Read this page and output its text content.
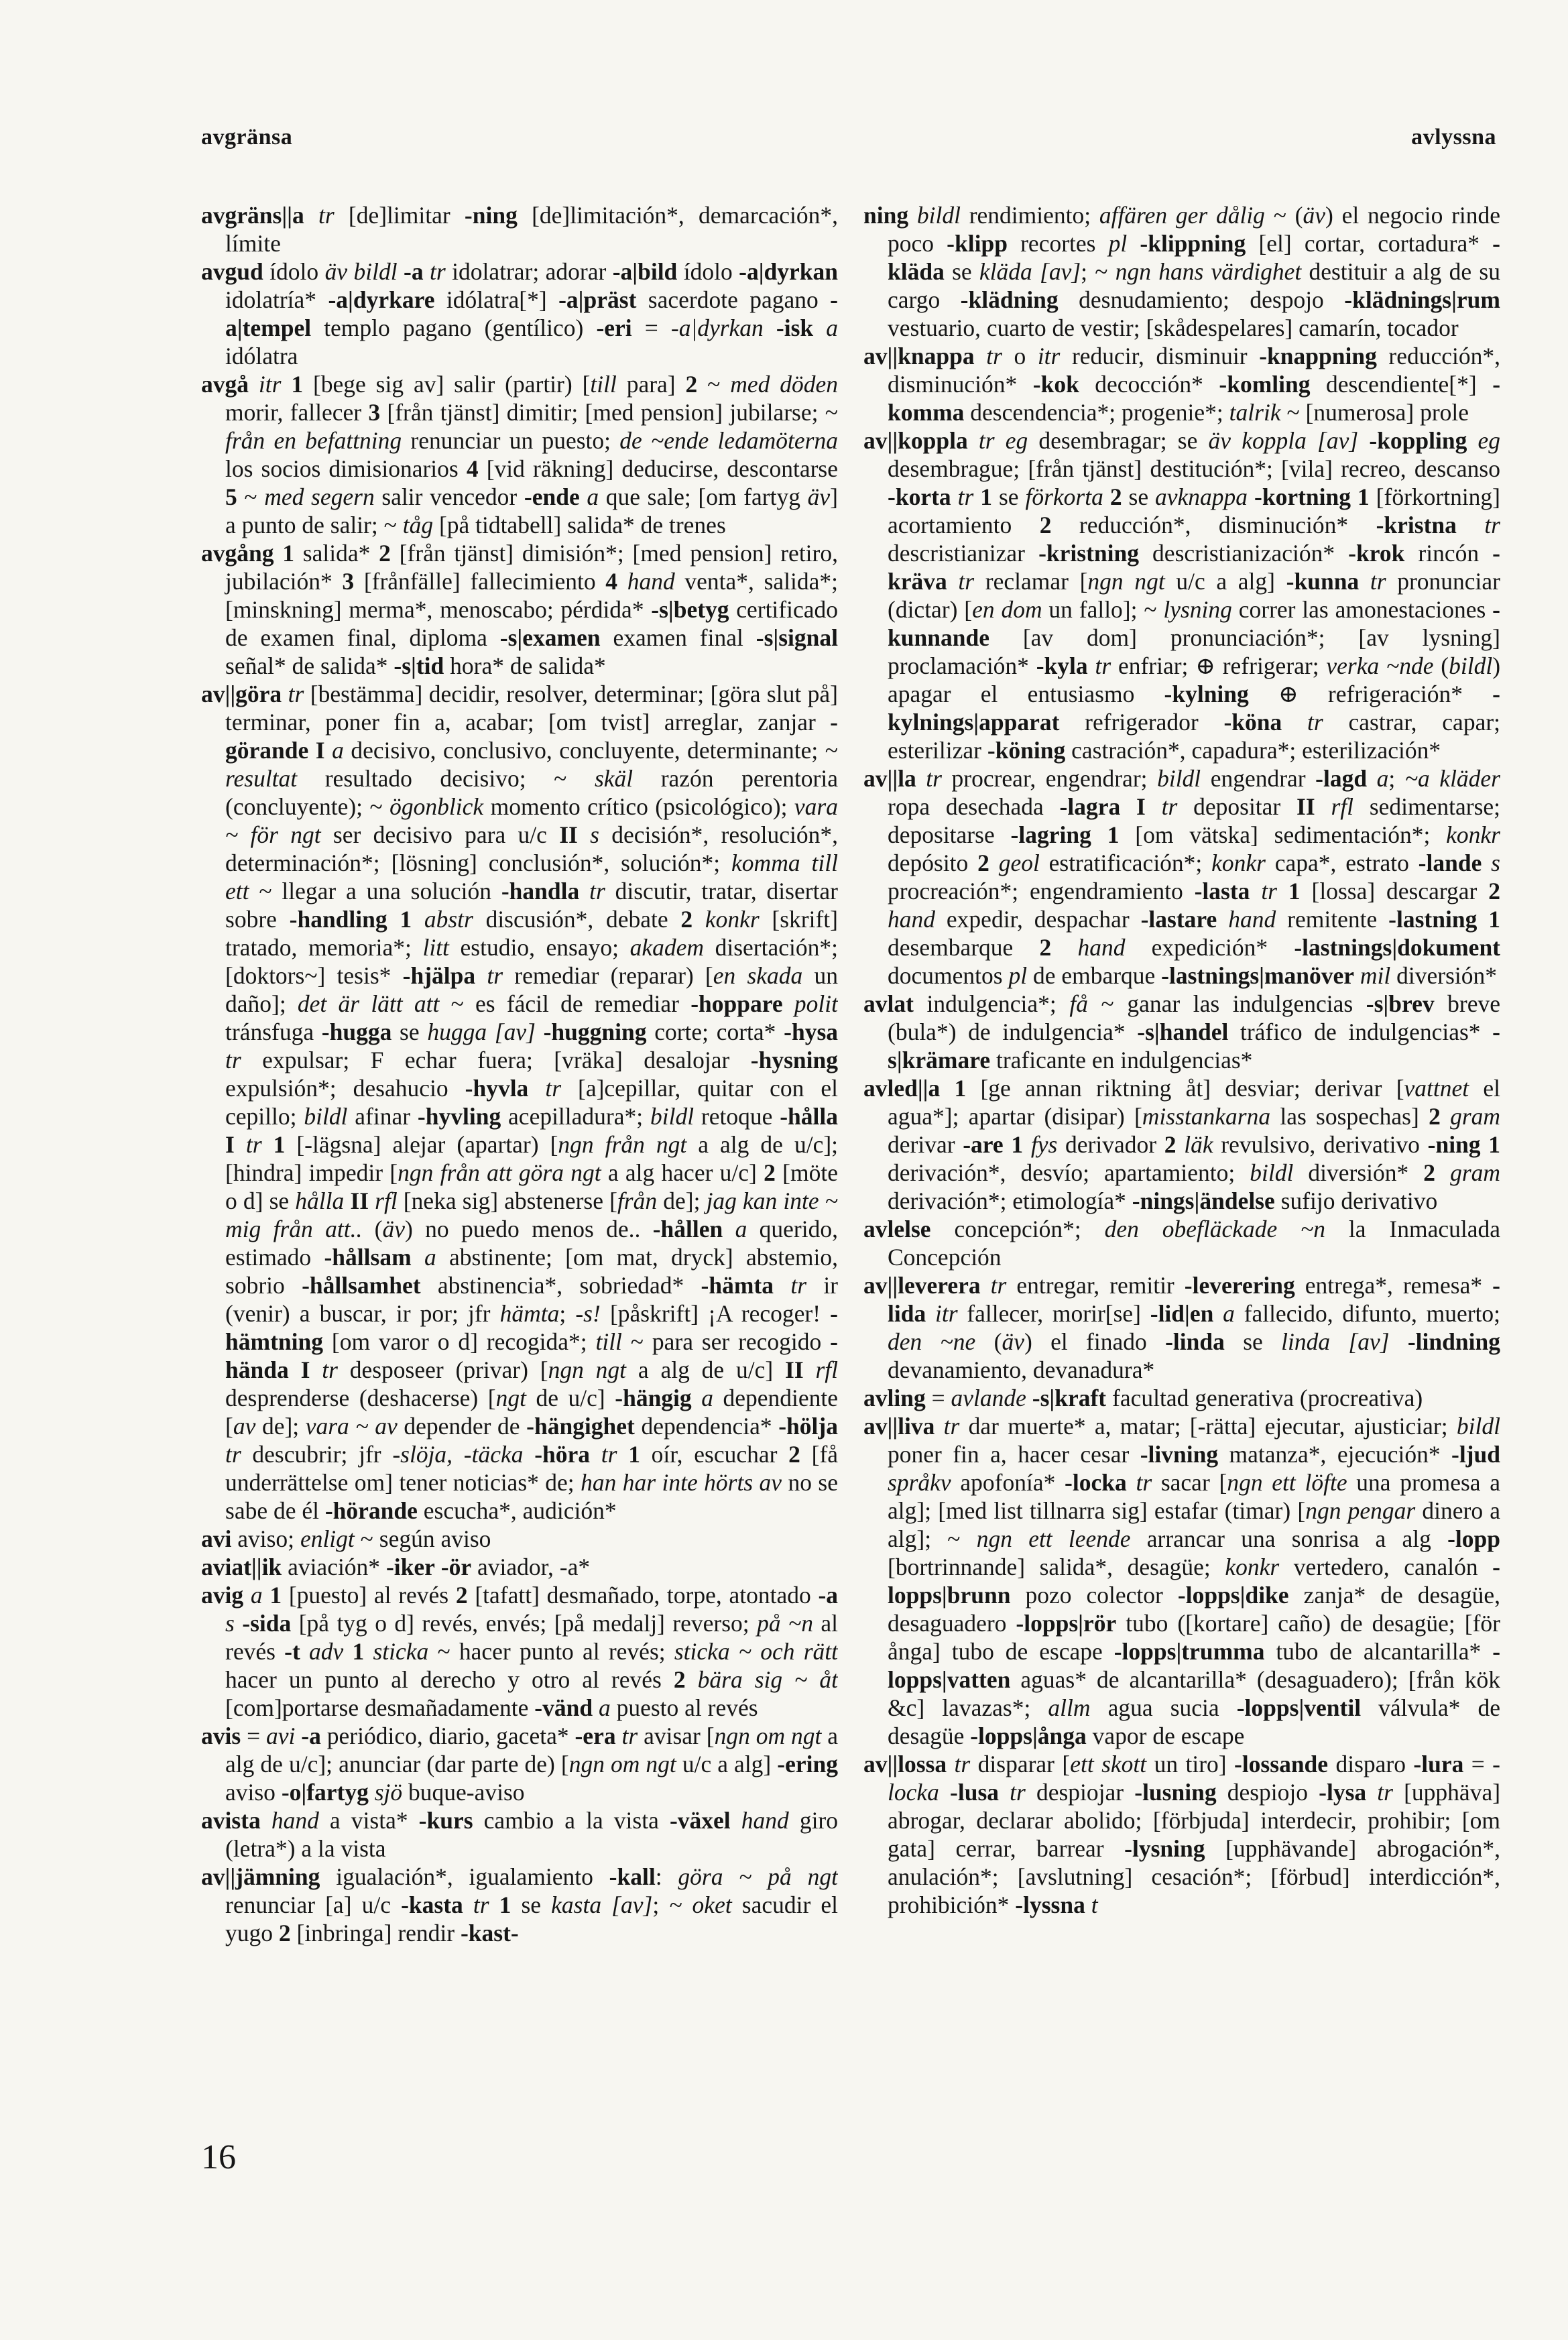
avgränsa	avlyssna

avgräns||a tr [de]limitar -ning [de]limitación*, demarcación*, límite

avgud ídolo äv bildl -a tr idolatrar; adorar -a|bild ídolo -a|dyrkan idolatría* -a|dyrkare idólatra[*] -a|präst sacerdote pagano -a|tempel templo pagano (gentílico) -eri = -a|dyrkan -isk a idólatra

avgå itr 1 [bege sig av] salir (partir) [till para] 2 ~ med döden morir, fallecer 3 [från tjänst] dimitir; [med pension] jubilarse; ~ från en befattning renunciar un puesto; de ~ende ledamöterna los socios dimisionarios 4 [vid räkning] deducirse, descontarse 5 ~ med segern salir vencedor -ende a que sale; [om fartyg äv] a punto de salir; ~ tåg [på tidtabell] salida* de trenes

avgång 1 salida* 2 [från tjänst] dimisión*; [med pension] retiro, jubilación* 3 [frånfälle] fallecimiento 4 hand venta*, salida*; [minskning] merma*, menoscabo; pérdida* -s|betyg certificado de examen final, diploma -s|examen examen final -s|signal señal* de salida* -s|tid hora* de salida*

av||göra tr [bestämma] decidir, resolver, determinar; [göra slut på] terminar, poner fin a, acabar; [om tvist] arreglar, zanjar -görande I a decisivo, conclusivo, concluyente, determinante; ~ resultat resultado decisivo; ~ skäl razón perentoria (concluyente); ~ ögonblick momento crítico (psicológico); vara ~ för ngt ser decisivo para u/c II s decisión*, resolución*, determinación*; [lösning] conclusión*, solución*; komma till ett ~ llegar a una solución -handla tr discutir, tratar, disertar sobre -handling 1 abstr discusión*, debate 2 konkr [skrift] tratado, memoria*; litt estudio, ensayo; akadem disertación*; [doktors~] tesis* -hjälpa tr remediar (reparar) [en skada un daño]; det är lätt att ~ es fácil de remediar -hoppare polit tránsfuga -hugga se hugga [av] -huggning corte; corta* -hysa tr expulsar; F echar fuera; [vräka] desalojar -hysning expulsión*; desahucio -hyvla tr [a]cepillar, quitar con el cepillo; bildl afinar -hyvling acepilladura*; bildl retoque -hålla I tr 1 [-lägsna] alejar (apartar) [ngn från ngt a alg de u/c]; [hindra] impedir [ngn från att göra ngt a alg hacer u/c] 2 [möte o d] se hålla II rfl [neka sig] abstenerse [från de]; jag kan inte ~ mig från att.. (äv) no puedo menos de.. -hållen a querido, estimado -hållsam a abstinente; [om mat, dryck] abstemio, sobrio -hållsamhet abstinencia*, sobriedad* -hämta tr ir (venir) a buscar, ir por; jfr hämta; -s! [påskrift] ¡A recoger! -hämtning [om varor o d] recogida*; till ~ para ser recogido -hända I tr desposeer (privar) [ngn ngt a alg de u/c] II rfl desprenderse (deshacerse) [ngt de u/c] -hängig a dependiente [av de]; vara ~ av depender de -hängighet dependencia* -hölja tr descubrir; jfr -slöja, -täcka -höra tr 1 oír, escuchar 2 [få underrättelse om] tener noticias* de; han har inte hörts av no se sabe de él -hörande escucha*, audición*

avi aviso; enligt ~ según aviso

aviat||ik aviación* -iker -ör aviador, -a*

avig a 1 [puesto] al revés 2 [tafatt] desmañado, torpe, atontado -a s -sida [på tyg o d] revés, envés; [på medalj] reverso; på ~n al revés -t adv 1 sticka ~ hacer punto al revés; sticka ~ och rätt hacer un punto al derecho y otro al revés 2 bära sig ~ åt [com]portarse desmañadamente -vänd a puesto al revés

avis = avi -a periódico, diario, gaceta* -era tr avisar [ngn om ngt a alg de u/c]; anunciar (dar parte de) [ngn om ngt u/c a alg] -ering aviso -o|fartyg sjö buque-aviso

avista hand a vista* -kurs cambio a la vista -växel hand giro (letra*) a la vista

av||jämning igualación*, igualamiento -kall: göra ~ på ngt renunciar [a] u/c -kasta tr 1 se kasta [av]; ~ oket sacudir el yugo 2 [inbringa] rendir -kast-

ning bildl rendimiento; affären ger dålig ~ (äv) el negocio rinde poco -klipp recortes pl -klippning [el] cortar, cortadura* -kläda se kläda [av]; ~ ngn hans värdighet destituir a alg de su cargo -klädning desnudamiento; despojo -klädnings|rum vestuario, cuarto de vestir; [skådespelares] camarín, tocador

av||knappa tr o itr reducir, disminuir -knappning reducción*, disminución* -kok decocción* -komling descendiente[*] -komma descendencia*; progenie*; talrik ~ [numerosa] prole

av||koppla tr eg desembragar; se äv koppla [av] -koppling eg desembrague; [från tjänst] destitución*; [vila] recreo, descanso -korta tr 1 se förkorta 2 se avknappa -kortning 1 [förkortning] acortamiento 2 reducción*, disminución* -kristna tr descristianizar -kristning descristianización* -krok rincón -kräva tr reclamar [ngn ngt u/c a alg] -kunna tr pronunciar (dictar) [en dom un fallo]; ~ lysning correr las amonestaciones -kunnande [av dom] pronunciación*; [av lysning] proclamación* -kyla tr enfriar; ⊕ refrigerar; verka ~nde (bildl) apagar el entusiasmo -kylning ⊕ refrigeración* -kylnings|apparat refrigerador -köna tr castrar, capar; esterilizar -köning castración*, capadura*; esterilización*

av||la tr procrear, engendrar; bildl engendrar -lagd a; ~a kläder ropa desechada -lagra I tr depositar II rfl sedimentarse; depositarse -lagring 1 [om vätska] sedimentación*; konkr depósito 2 geol estratificación*; konkr capa*, estrato -lande s procreación*; engendramiento -lasta tr 1 [lossa] descargar 2 hand expedir, despachar -lastare hand remitente -lastning 1 desembarque 2 hand expedición* -lastnings|dokument documentos pl de embarque -lastnings|manöver mil diversión*

avlat indulgencia*; få ~ ganar las indulgencias -s|brev breve (bula*) de indulgencia* -s|handel tráfico de indulgencias* -s|krämare traficante en indulgencias*

avled||a 1 [ge annan riktning åt] desviar; derivar [vattnet el agua*]; apartar (disipar) [misstankarna las sospechas] 2 gram derivar -are 1 fys derivador 2 läk revulsivo, derivativo -ning 1 derivación*, desvío; apartamiento; bildl diversión* 2 gram derivación*; etimología* -nings|ändelse sufijo derivativo

avlelse concepción*; den obefläckade ~n la Inmaculada Concepción

av||leverera tr entregar, remitir -leverering entrega*, remesa* -lida itr fallecer, morir[se] -lid|en a fallecido, difunto, muerto; den ~ne (äv) el finado -linda se linda [av] -lindning devanamiento, devanadura*

avling = avlande -s|kraft facultad generativa (procreativa)

av||liva tr dar muerte* a, matar; [-rätta] ejecutar, ajusticiar; bildl poner fin a, hacer cesar -livning matanza*, ejecución* -ljud språkv apofonía* -locka tr sacar [ngn ett löfte una promesa a alg]; [med list tillnarra sig] estafar (timar) [ngn pengar dinero a alg]; ~ ngn ett leende arrancar una sonrisa a alg -lopp [bortrinnande] salida*, desagüe; konkr vertedero, canalón -lopps|brunn pozo colector -lopps|dike zanja* de desagüe, desaguadero -lopps|rör tubo ([kortare] caño) de desagüe; [för ånga] tubo de escape -lopps|trumma tubo de alcantarilla* -lopps|vatten aguas* de alcantarilla* (desaguadero); [från kök &c] lavazas*; allm agua sucia -lopps|ventil válvula* de desagüe -lopps|ånga vapor de escape

av||lossa tr disparar [ett skott un tiro] -lossande disparo -lura = -locka -lusa tr despiojar -lusning despiojo -lysa tr [upphäva] abrogar, declarar abolido; [förbjuda] interdecir, prohibir; [om gata] cerrar, barrear -lysning [upphävande] abrogación*, anulación*; [avslutning] cesación*; [förbud] interdicción*, prohibición* -lyssna t

16
